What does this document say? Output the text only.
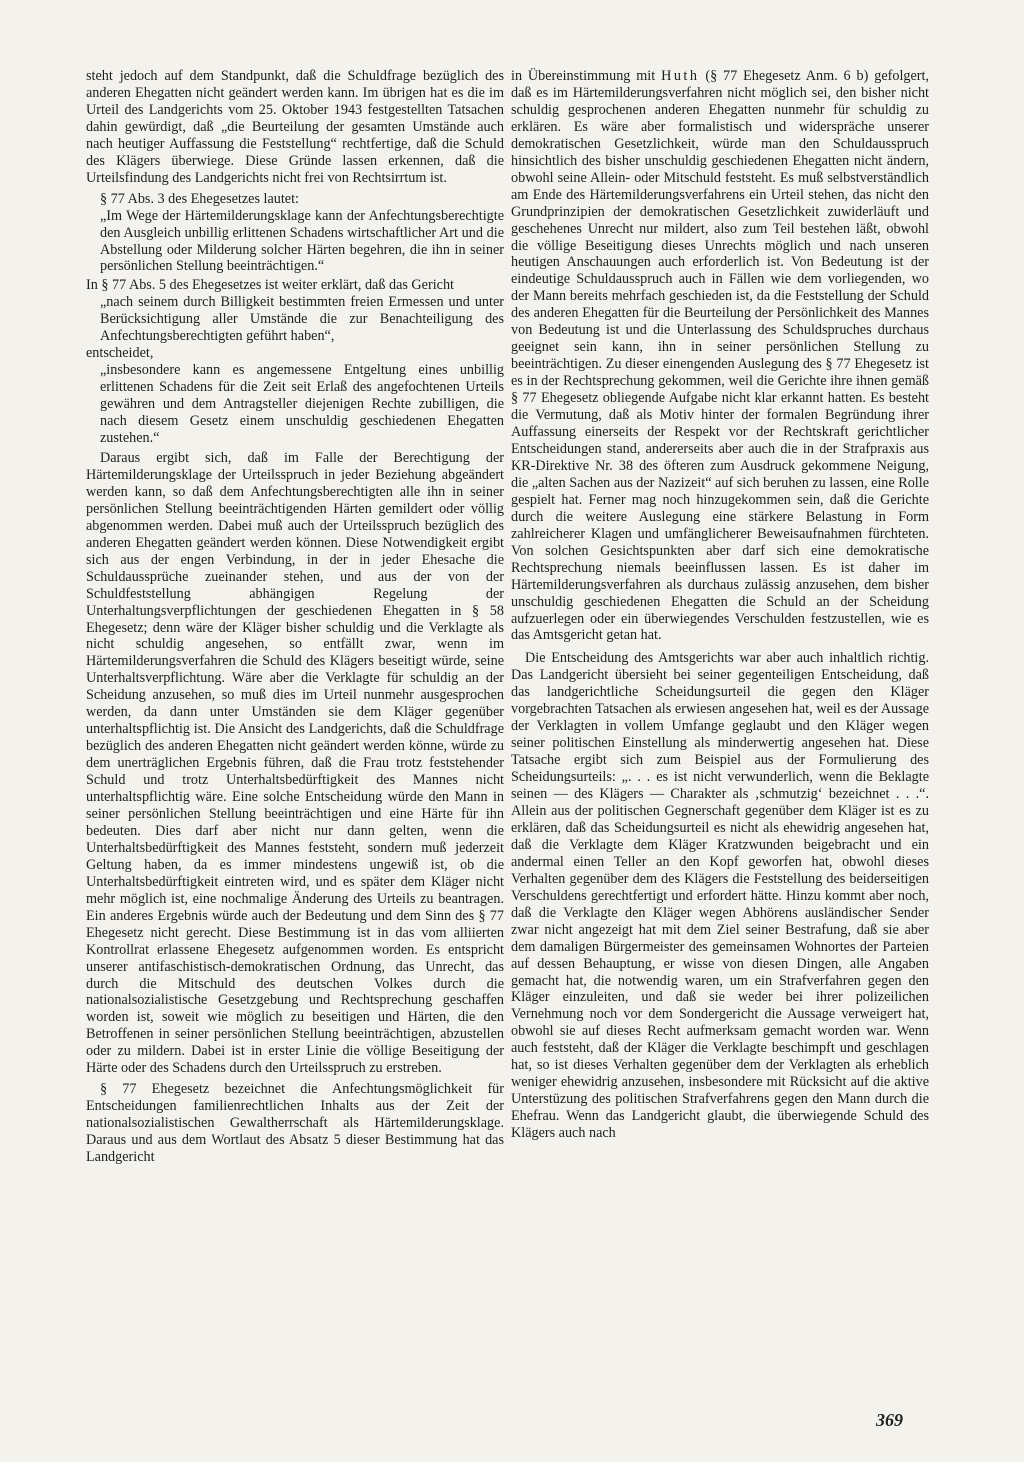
steht jedoch auf dem Standpunkt, daß die Schuldfrage bezüglich des anderen Ehegatten nicht geändert werden kann. Im übrigen hat es die im Urteil des Landgerichts vom 25. Oktober 1943 festgestellten Tatsachen dahin gewürdigt, daß „die Beurteilung der gesamten Umstände auch nach heutiger Auffassung die Feststellung“ rechtfertige, daß die Schuld des Klägers überwiege. Diese Gründe lassen erkennen, daß die Urteilsfindung des Landgerichts nicht frei von Rechtsirrtum ist.

§ 77 Abs. 3 des Ehegesetzes lautet:

„Im Wege der Härtemilderungsklage kann der Anfechtungsberechtigte den Ausgleich unbillig erlittenen Schadens wirtschaftlicher Art und die Abstellung oder Milderung solcher Härten begehren, die ihn in seiner persönlichen Stellung beeinträchtigen.“

In § 77 Abs. 5 des Ehegesetzes ist weiter erklärt, daß das Gericht

„nach seinem durch Billigkeit bestimmten freien Ermessen und unter Berücksichtigung aller Umstände die zur Benachteiligung des Anfechtungsberechtigten geführt haben“,

entscheidet,

„insbesondere kann es angemessene Entgeltung eines unbillig erlittenen Schadens für die Zeit seit Erlaß des angefochtenen Urteils gewähren und dem Antragsteller diejenigen Rechte zubilligen, die nach diesem Gesetz einem unschuldig geschiedenen Ehegatten zustehen.“

Daraus ergibt sich, daß im Falle der Berechtigung der Härtemilderungsklage der Urteilsspruch in jeder Beziehung abgeändert werden kann, so daß dem Anfechtungsberechtigten alle ihn in seiner persönlichen Stellung beeinträchtigenden Härten gemildert oder völlig abgenommen werden. Dabei muß auch der Urteilsspruch bezüglich des anderen Ehegatten geändert werden können. Diese Notwendigkeit ergibt sich aus der engen Verbindung, in der in jeder Ehesache die Schuldaussprüche zueinander stehen, und aus der von der Schuldfeststellung abhängigen Regelung der Unterhaltungsverpflichtungen der geschiedenen Ehegatten in § 58 Ehegesetz; denn wäre der Kläger bisher schuldig und die Verklagte als nicht schuldig angesehen, so entfällt zwar, wenn im Härtemilderungsverfahren die Schuld des Klägers beseitigt würde, seine Unterhaltsverpflichtung. Wäre aber die Verklagte für schuldig an der Scheidung anzusehen, so muß dies im Urteil nunmehr ausgesprochen werden, da dann unter Umständen sie dem Kläger gegenüber unterhaltspflichtig ist. Die Ansicht des Landgerichts, daß die Schuldfrage bezüglich des anderen Ehegatten nicht geändert werden könne, würde zu dem unerträglichen Ergebnis führen, daß die Frau trotz feststehender Schuld und trotz Unterhaltsbedürftigkeit des Mannes nicht unterhaltspflichtig wäre. Eine solche Entscheidung würde den Mann in seiner persönlichen Stellung beeinträchtigen und eine Härte für ihn bedeuten. Dies darf aber nicht nur dann gelten, wenn die Unterhaltsbedürftigkeit des Mannes feststeht, sondern muß jederzeit Geltung haben, da es immer mindestens ungewiß ist, ob die Unterhaltsbedürftigkeit eintreten wird, und es später dem Kläger nicht mehr möglich ist, eine nochmalige Änderung des Urteils zu beantragen. Ein anderes Ergebnis würde auch der Bedeutung und dem Sinn des § 77 Ehegesetz nicht gerecht. Diese Bestimmung ist in das vom alliierten Kontrollrat erlassene Ehegesetz aufgenommen worden. Es entspricht unserer antifaschistisch-demokratischen Ordnung, das Unrecht, das durch die Mitschuld des deutschen Volkes durch die nationalsozialistische Gesetzgebung und Rechtsprechung geschaffen worden ist, soweit wie möglich zu beseitigen und Härten, die den Betroffenen in seiner persönlichen Stellung beeinträchtigen, abzustellen oder zu mildern. Dabei ist in erster Linie die völlige Beseitigung der Härte oder des Schadens durch den Urteilsspruch zu erstreben.

§ 77 Ehegesetz bezeichnet die Anfechtungsmöglichkeit für Entscheidungen familienrechtlichen Inhalts aus der Zeit der nationalsozialistischen Gewaltherrschaft als Härtemilderungsklage. Daraus und aus dem Wortlaut des Absatz 5 dieser Bestimmung hat das Landgericht

in Übereinstimmung mit Huth (§ 77 Ehegesetz Anm. 6 b) gefolgert, daß es im Härtemilderungsverfahren nicht möglich sei, den bisher nicht schuldig gesprochenen anderen Ehegatten nunmehr für schuldig zu erklären. Es wäre aber formalistisch und widerspräche unserer demokratischen Gesetzlichkeit, würde man den Schuldausspruch hinsichtlich des bisher unschuldig geschiedenen Ehegatten nicht ändern, obwohl seine Allein- oder Mitschuld feststeht. Es muß selbstverständlich am Ende des Härtemilderungsverfahrens ein Urteil stehen, das nicht den Grundprinzipien der demokratischen Gesetzlichkeit zuwiderläuft und geschehenes Unrecht nur mildert, also zum Teil bestehen läßt, obwohl die völlige Beseitigung dieses Unrechts möglich und nach unseren heutigen Anschauungen auch erforderlich ist. Von Bedeutung ist der eindeutige Schuldausspruch auch in Fällen wie dem vorliegenden, wo der Mann bereits mehrfach geschieden ist, da die Feststellung der Schuld des anderen Ehegatten für die Beurteilung der Persönlichkeit des Mannes von Bedeutung ist und die Unterlassung des Schuldspruches durchaus geeignet sein kann, ihn in seiner persönlichen Stellung zu beeinträchtigen. Zu dieser einengenden Auslegung des § 77 Ehegesetz ist es in der Rechtsprechung gekommen, weil die Gerichte ihre ihnen gemäß § 77 Ehegesetz obliegende Aufgabe nicht klar erkannt hatten. Es besteht die Vermutung, daß als Motiv hinter der formalen Begründung ihrer Auffassung einerseits der Respekt vor der Rechtskraft gerichtlicher Entscheidungen stand, andererseits aber auch die in der Strafpraxis aus KR-Direktive Nr. 38 des öfteren zum Ausdruck gekommene Neigung, die „alten Sachen aus der Nazizeit“ auf sich beruhen zu lassen, eine Rolle gespielt hat. Ferner mag noch hinzugekommen sein, daß die Gerichte durch die weitere Auslegung eine stärkere Belastung in Form zahlreicherer Klagen und umfänglicherer Beweisaufnahmen fürchteten. Von solchen Gesichtspunkten aber darf sich eine demokratische Rechtsprechung niemals beeinflussen lassen. Es ist daher im Härtemilderungsverfahren als durchaus zulässig anzusehen, dem bisher unschuldig geschiedenen Ehegatten die Schuld an der Scheidung aufzuerlegen oder ein überwiegendes Verschulden festzustellen, wie es das Amtsgericht getan hat.

Die Entscheidung des Amtsgerichts war aber auch inhaltlich richtig. Das Landgericht übersieht bei seiner gegenteiligen Entscheidung, daß das landgerichtliche Scheidungsurteil die gegen den Kläger vorgebrachten Tatsachen als erwiesen angesehen hat, weil es der Aussage der Verklagten in vollem Umfange geglaubt und den Kläger wegen seiner politischen Einstellung als minderwertig angesehen hat. Diese Tatsache ergibt sich zum Beispiel aus der Formulierung des Scheidungsurteils: „. . . es ist nicht verwunderlich, wenn die Beklagte seinen — des Klägers — Charakter als ‚schmutzig‘ bezeichnet . . .“. Allein aus der politischen Gegnerschaft gegenüber dem Kläger ist es zu erklären, daß das Scheidungsurteil es nicht als ehewidrig angesehen hat, daß die Verklagte dem Kläger Kratzwunden beigebracht und ein andermal einen Teller an den Kopf geworfen hat, obwohl dieses Verhalten gegenüber dem des Klägers die Feststellung des beiderseitigen Verschuldens gerechtfertigt und erfordert hätte. Hinzu kommt aber noch, daß die Verklagte den Kläger wegen Abhörens ausländischer Sender zwar nicht angezeigt hat mit dem Ziel seiner Bestrafung, daß sie aber dem damaligen Bürgermeister des gemeinsamen Wohnortes der Parteien auf dessen Behauptung, er wisse von diesen Dingen, alle Angaben gemacht hat, die notwendig waren, um ein Strafverfahren gegen den Kläger einzuleiten, und daß sie weder bei ihrer polizeilichen Vernehmung noch vor dem Sondergericht die Aussage verweigert hat, obwohl sie auf dieses Recht aufmerksam gemacht worden war. Wenn auch feststeht, daß der Kläger die Verklagte beschimpft und geschlagen hat, so ist dieses Verhalten gegenüber dem der Verklagten als erheblich weniger ehewidrig anzusehen, insbesondere mit Rücksicht auf die aktive Unterstüzung des politischen Strafverfahrens gegen den Mann durch die Ehefrau. Wenn das Landgericht glaubt, die überwiegende Schuld des Klägers auch nach

369
